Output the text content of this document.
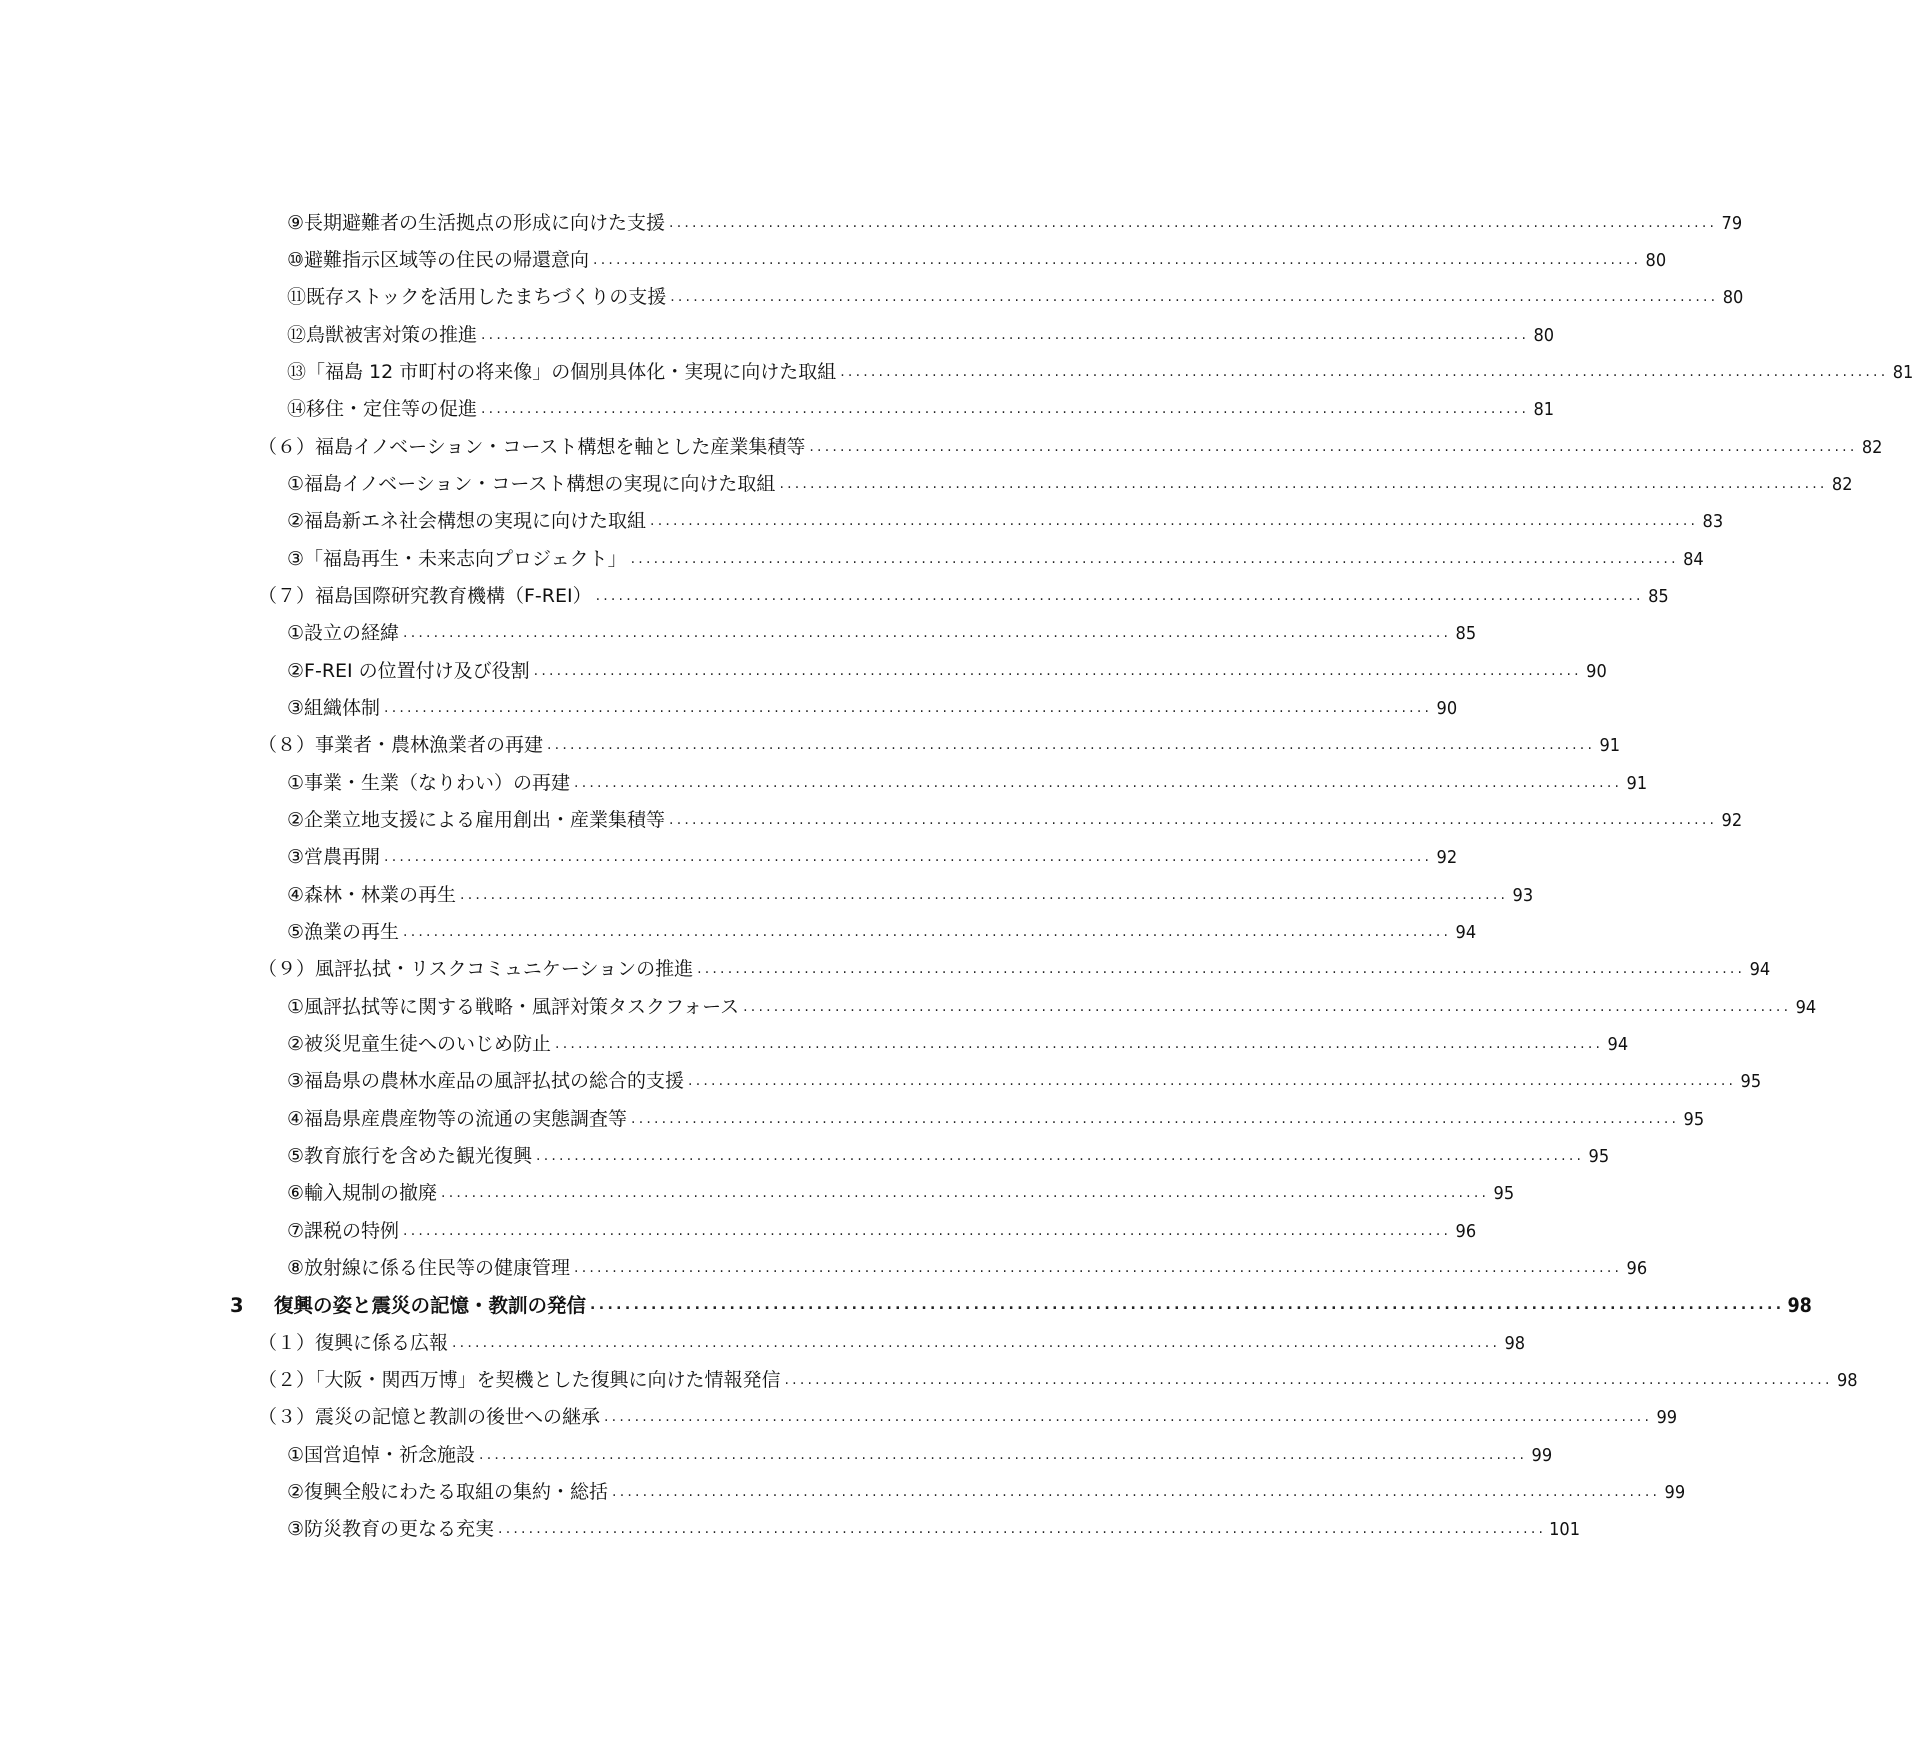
⑨長期避難者の生活拠点の形成に向けた支援 ......................................................................................................................................... 79
⑩避難指示区域等の住民の帰還意向 ......................................................................................................................................... 80
⑪既存ストックを活用したまちづくりの支援 ......................................................................................................................................... 80
⑫鳥獣被害対策の推進 ......................................................................................................................................... 80
⑬「福島 12 市町村の将来像」の個別具体化・実現に向けた取組 ......................................................................................................................................... 81
⑭移住・定住等の促進 ......................................................................................................................................... 81
（６）福島イノベーション・コースト構想を軸とした産業集積等 ......................................................................................................................................... 82
①福島イノベーション・コースト構想の実現に向けた取組 ......................................................................................................................................... 82
②福島新エネ社会構想の実現に向けた取組 ......................................................................................................................................... 83
③「福島再生・未来志向プロジェクト」 ......................................................................................................................................... 84
（７）福島国際研究教育機構（F-REI） ......................................................................................................................................... 85
①設立の経緯 ......................................................................................................................................... 85
②F-REI の位置付け及び役割 ......................................................................................................................................... 90
③組織体制 ......................................................................................................................................... 90
（８）事業者・農林漁業者の再建 ......................................................................................................................................... 91
①事業・生業（なりわい）の再建 ......................................................................................................................................... 91
②企業立地支援による雇用創出・産業集積等 ......................................................................................................................................... 92
③営農再開 ......................................................................................................................................... 92
④森林・林業の再生 ......................................................................................................................................... 93
⑤漁業の再生 ......................................................................................................................................... 94
（９）風評払拭・リスクコミュニケーションの推進 ......................................................................................................................................... 94
①風評払拭等に関する戦略・風評対策タスクフォース ......................................................................................................................................... 94
②被災児童生徒へのいじめ防止 ......................................................................................................................................... 94
③福島県の農林水産品の風評払拭の総合的支援 ......................................................................................................................................... 95
④福島県産農産物等の流通の実態調査等 ......................................................................................................................................... 95
⑤教育旅行を含めた観光復興 ......................................................................................................................................... 95
⑥輸入規制の撤廃 ......................................................................................................................................... 95
⑦課税の特例 ......................................................................................................................................... 96
⑧放射線に係る住民等の健康管理 ......................................................................................................................................... 96
3	復興の姿と震災の記憶・教訓の発信 ......................................................................................................................................... 98
（１）復興に係る広報 ......................................................................................................................................... 98
（２）「大阪・関西万博」を契機とした復興に向けた情報発信 ......................................................................................................................................... 98
（３）震災の記憶と教訓の後世への継承 ......................................................................................................................................... 99
①国営追悼・祈念施設 ......................................................................................................................................... 99
②復興全般にわたる取組の集約・総括 ......................................................................................................................................... 99
③防災教育の更なる充実 ......................................................................................................................................... 101
